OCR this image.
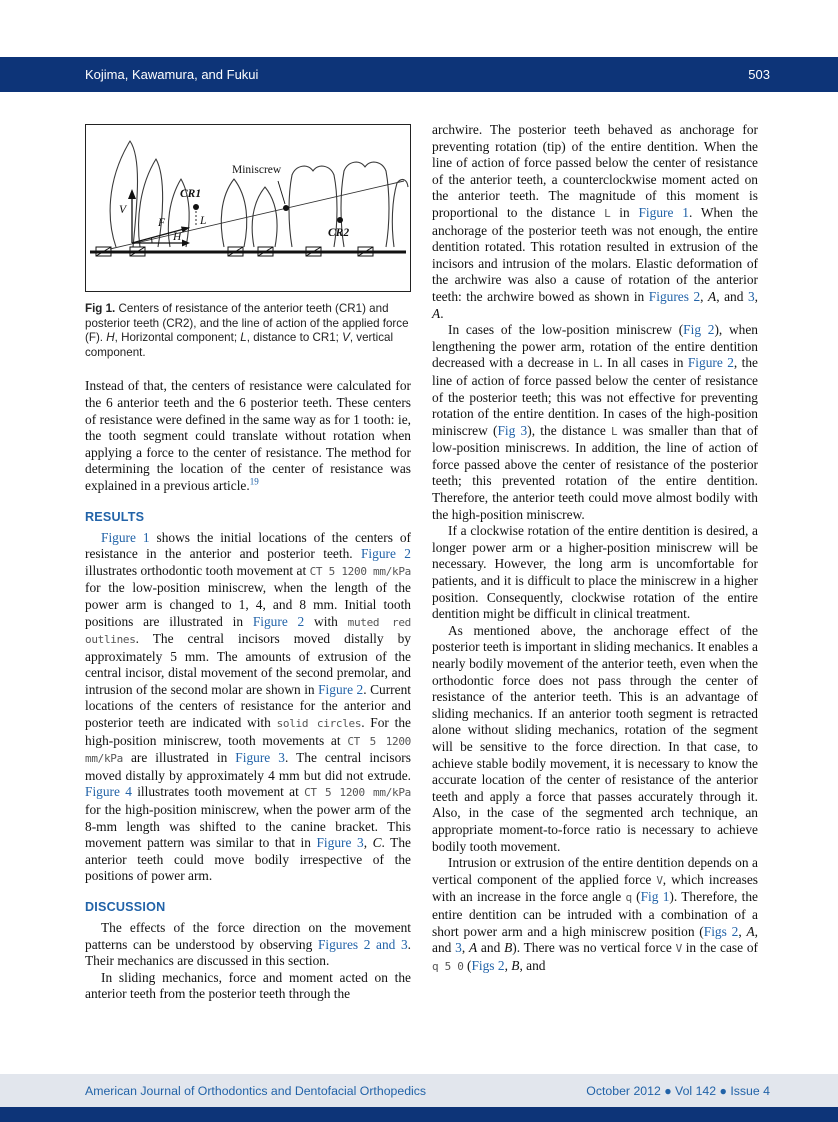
Kojima, Kawamura, and Fukui	503
CR1
Miniscrew
CR2
V
F
H
L

Fig 1. Centers of resistance of the anterior teeth (CR1) and posterior teeth (CR2), and the line of action of the applied force (F). H, Horizontal component; L, distance to CR1; V, vertical component.

Instead of that, the centers of resistance were calculated for the 6 anterior teeth and the 6 posterior teeth. These centers of resistance were defined in the same way as for 1 tooth: ie, the tooth segment could translate without rotation when applying a force to the center of resistance. The method for determining the location of the center of resistance was explained in a previous article.$^{19}$

RESULTS

Figure 1 shows the initial locations of the centers of resistance in the anterior and posterior teeth. Figure 2 illustrates orthodontic tooth movement at CT 5 1200 mm/kPa for the low-position miniscrew, when the length of the power arm is changed to 1, 4, and 8 mm. Initial tooth positions are illustrated in Figure 2 with muted red outlines. The central incisors moved distally by approximately 5 mm. The amounts of extrusion of the central incisor, distal movement of the second premolar, and intrusion of the second molar are shown in Figure 2. Current locations of the centers of resistance for the anterior and posterior teeth are indicated with solid circles. For the high-position miniscrew, tooth movements at CT 5 1200 mm/kPa are illustrated in Figure 3. The central incisors moved distally by approximately 4 mm but did not extrude. Figure 4 illustrates tooth movement at CT 5 1200 mm/kPa for the high-position miniscrew, when the power arm of the 8-mm length was shifted to the canine bracket. This movement pattern was similar to that in Figure 3, C. The anterior teeth could move bodily irrespective of the positions of power arm.

DISCUSSION

The effects of the force direction on the movement patterns can be understood by observing Figures 2 and 3. Their mechanics are discussed in this section.

In sliding mechanics, force and moment acted on the anterior teeth from the posterior teeth through the

archwire. The posterior teeth behaved as anchorage for preventing rotation (tip) of the entire dentition. When the line of action of force passed below the center of resistance of the anterior teeth, a counterclockwise moment acted on the anterior teeth. The magnitude of this moment is proportional to the distance L in Figure 1. When the anchorage of the posterior teeth was not enough, the entire dentition rotated. This rotation resulted in extrusion of the incisors and intrusion of the molars. Elastic deformation of the archwire was also a cause of rotation of the anterior teeth: the archwire bowed as shown in Figures 2, A, and 3, A.

In cases of the low-position miniscrew (Fig 2), when lengthening the power arm, rotation of the entire dentition decreased with a decrease in L. In all cases in Figure 2, the line of action of force passed below the center of resistance of the posterior teeth; this was not effective for preventing rotation of the entire dentition. In cases of the high-position miniscrew (Fig 3), the distance L was smaller than that of low-position miniscrews. In addition, the line of action of force passed above the center of resistance of the posterior teeth; this prevented rotation of the entire dentition. Therefore, the anterior teeth could move almost bodily with the high-position miniscrew.

If a clockwise rotation of the entire dentition is desired, a longer power arm or a higher-position miniscrew will be necessary. However, the long arm is uncomfortable for patients, and it is difficult to place the miniscrew in a higher position. Consequently, clockwise rotation of the entire dentition might be difficult in clinical treatment.

As mentioned above, the anchorage effect of the posterior teeth is important in sliding mechanics. It enables a nearly bodily movement of the anterior teeth, even when the orthodontic force does not pass through the center of resistance of the anterior teeth. This is an advantage of sliding mechanics. If an anterior tooth segment is retracted alone without sliding mechanics, rotation of the segment will be sensitive to the force direction. In that case, to achieve stable bodily movement, it is necessary to know the accurate location of the center of resistance of the anterior teeth and apply a force that passes accurately through it. Also, in the case of the segmented arch technique, an appropriate moment-to-force ratio is necessary to achieve bodily tooth movement.

Intrusion or extrusion of the entire dentition depends on a vertical component of the applied force V, which increases with an increase in the force angle q (Fig 1). Therefore, the entire dentition can be intruded with a combination of a short power arm and a high miniscrew position (Figs 2, A, and 3, A and B). There was no vertical force V in the case of q 5 0 (Figs 2, B, and

American Journal of Orthodontics and Dentofacial Orthopedics	October 2012 ● Vol 142 ● Issue 4
